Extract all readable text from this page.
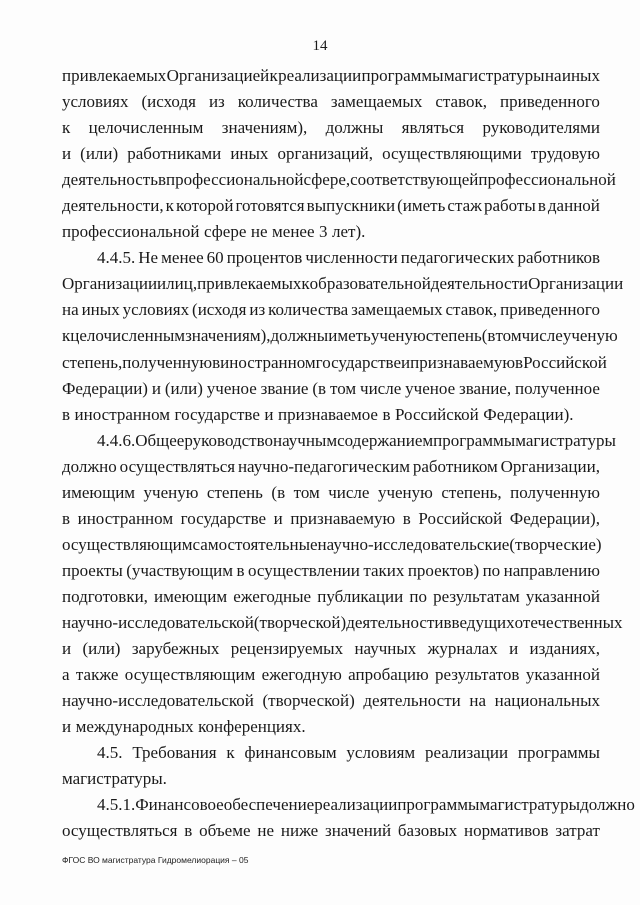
14
привлекаемых Организацией к реализации программы магистратуры на иных
условиях (исходя из количества замещаемых ставок, приведенного
к целочисленным значениям), должны являться руководителями
и (или) работниками иных организаций, осуществляющими трудовую
деятельность в профессиональной сфере, соответствующей профессиональной
деятельности, к которой готовятся выпускники (иметь стаж работы в данной
профессиональной сфере не менее 3 лет).
4.4.5. Не менее 60 процентов численности педагогических работников
Организации и лиц, привлекаемых к образовательной деятельности Организации
на иных условиях (исходя из количества замещаемых ставок, приведенного
к целочисленным значениям), должны иметь ученую степень (в том числе ученую
степень, полученную в иностранном государстве и признаваемую в Российской
Федерации) и (или) ученое звание (в том числе ученое звание, полученное
в иностранном государстве и признаваемое в Российской Федерации).
4.4.6. Общее руководство научным содержанием программы магистратуры
должно осуществляться научно-педагогическим работником Организации,
имеющим ученую степень (в том числе ученую степень, полученную
в иностранном государстве и признаваемую в Российской Федерации),
осуществляющим самостоятельные научно-исследовательские (творческие)
проекты (участвующим в осуществлении таких проектов) по направлению
подготовки, имеющим ежегодные публикации по результатам указанной
научно-исследовательской (творческой) деятельности в ведущих отечественных
и (или) зарубежных рецензируемых научных журналах и изданиях,
а также осуществляющим ежегодную апробацию результатов указанной
научно-исследовательской (творческой) деятельности на национальных
и международных конференциях.
4.5. Требования к финансовым условиям реализации программы
магистратуры.
4.5.1. Финансовое обеспечение реализации программы магистратуры должно
осуществляться в объеме не ниже значений базовых нормативов затрат
ФГОС ВО магистратура Гидромелиорация – 05
